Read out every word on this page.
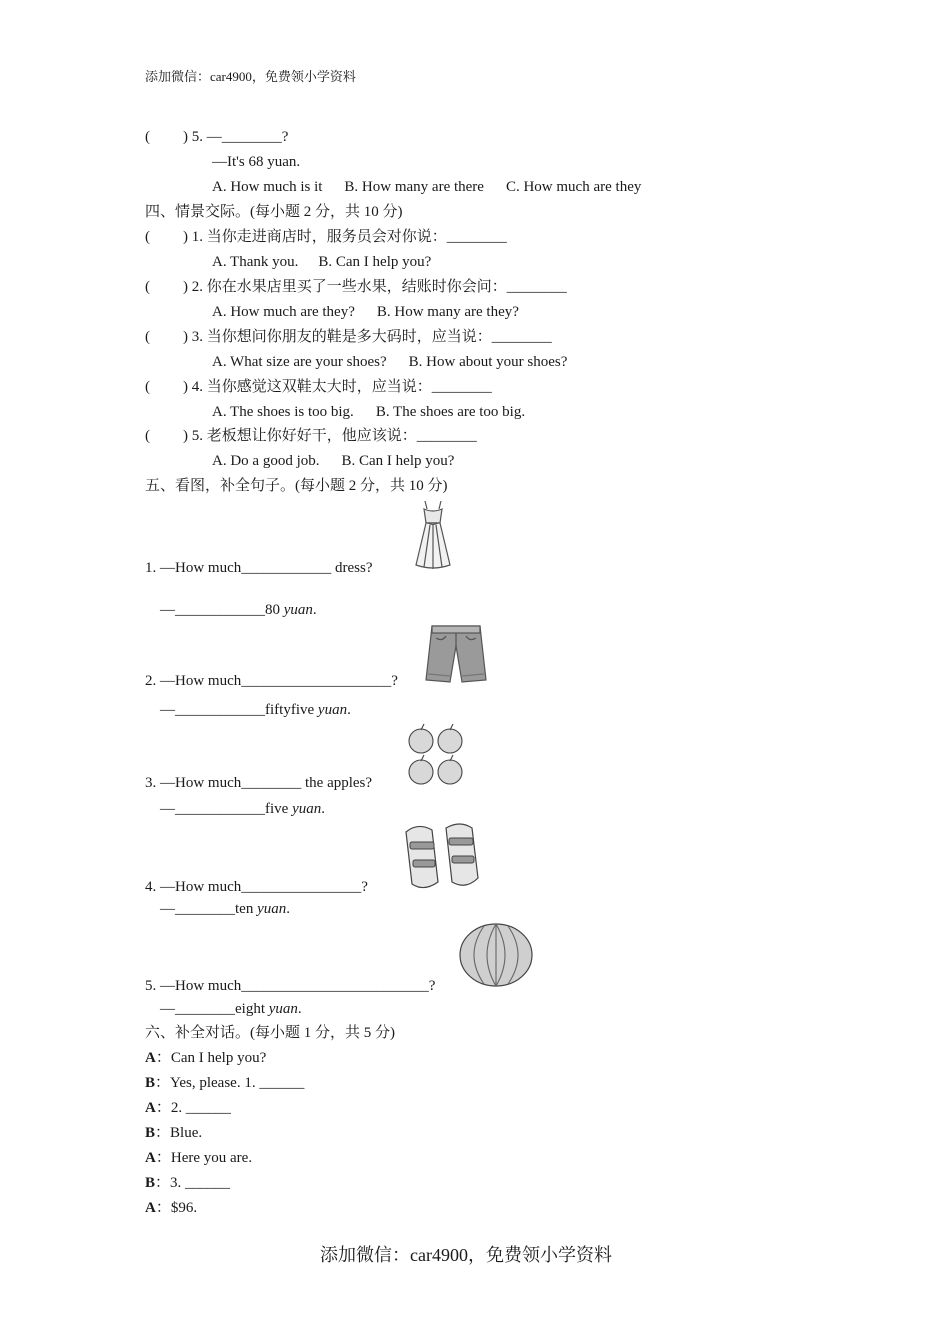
添加微信：car4900，免费领小学资料
( ) 5. —________?
—It's 68 yuan.
A. How much is it B. How many are there C. How much are they
四、情景交际。(每小题 2 分，共 10 分)
( ) 1. 当你走进商店时，服务员会对你说：________
A. Thank you. B. Can I help you?
( ) 2. 你在水果店里买了一些水果，结账时你会问：________
A. How much are they? B. How many are they?
( ) 3. 当你想问你朋友的鞋是多大码时，应当说：________
A. What size are your shoes? B. How about your shoes?
( ) 4. 当你感觉这双鞋太大时，应当说：________
A. The shoes is too big. B. The shoes are too big.
( ) 5. 老板想让你好好干，他应该说：________
A. Do a good job. B. Can I help you?
五、看图，补全句子。(每小题 2 分，共 10 分)
1. —How much____________ dress?
—____________80 yuan.
2. —How much____________________?
—____________fiftyfive yuan.
3. —How much________ the apples?
—____________five yuan.
4. —How much________________?
—________ten yuan.
5. —How much_________________________?
—________eight yuan.
六、补全对话。(每小题 1 分，共 5 分)
A：Can I help you?
B：Yes, please. 1. ______
A：2. ______
B：Blue.
A：Here you are.
B：3. ______
A：$96.
添加微信：car4900，免费领小学资料
